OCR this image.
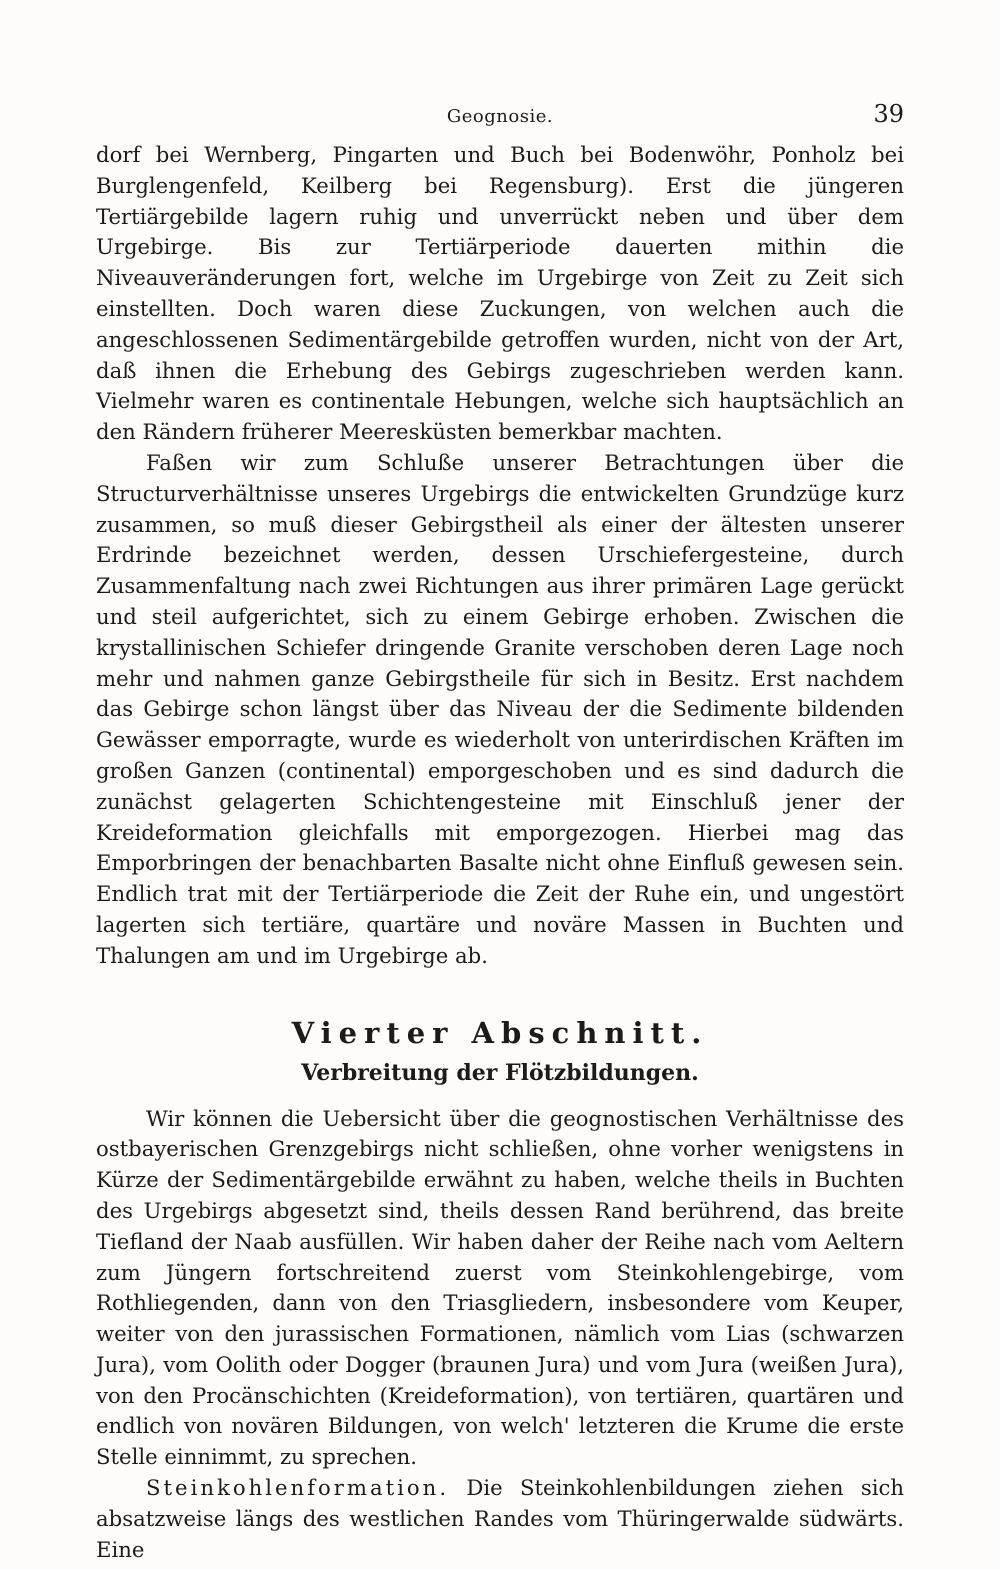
Geognosie.	39

dorf bei Wernberg, Pingarten und Buch bei Bodenwöhr, Ponholz bei Burglengenfeld, Keilberg bei Regensburg). Erst die jüngeren Tertiärgebilde lagern ruhig und unverrückt neben und über dem Urgebirge. Bis zur Tertiärperiode dauerten mithin die Niveauveränderungen fort, welche im Urgebirge von Zeit zu Zeit sich einstellten. Doch waren diese Zuckungen, von welchen auch die angeschlossenen Sedimentärgebilde getroffen wurden, nicht von der Art, daß ihnen die Erhebung des Gebirgs zugeschrieben werden kann. Vielmehr waren es continentale Hebungen, welche sich hauptsächlich an den Rändern früherer Meeresküsten bemerkbar machten.

Faßen wir zum Schluße unserer Betrachtungen über die Structurverhältnisse unseres Urgebirgs die entwickelten Grundzüge kurz zusammen, so muß dieser Gebirgstheil als einer der ältesten unserer Erdrinde bezeichnet werden, dessen Urschiefergesteine, durch Zusammenfaltung nach zwei Richtungen aus ihrer primären Lage gerückt und steil aufgerichtet, sich zu einem Gebirge erhoben. Zwischen die krystallinischen Schiefer dringende Granite verschoben deren Lage noch mehr und nahmen ganze Gebirgstheile für sich in Besitz. Erst nachdem das Gebirge schon längst über das Niveau der die Sedimente bildenden Gewässer emporragte, wurde es wiederholt von unterirdischen Kräften im großen Ganzen (continental) emporgeschoben und es sind dadurch die zunächst gelagerten Schichtengesteine mit Einschluß jener der Kreideformation gleichfalls mit emporgezogen. Hierbei mag das Emporbringen der benachbarten Basalte nicht ohne Einfluß gewesen sein. Endlich trat mit der Tertiärperiode die Zeit der Ruhe ein, und ungestört lagerten sich tertiäre, quartäre und noväre Massen in Buchten und Thalungen am und im Urgebirge ab.

Vierter Abschnitt.
Verbreitung der Flötzbildungen.

Wir können die Uebersicht über die geognostischen Verhältnisse des ostbayerischen Grenzgebirgs nicht schließen, ohne vorher wenigstens in Kürze der Sedimentärgebilde erwähnt zu haben, welche theils in Buchten des Urgebirgs abgesetzt sind, theils dessen Rand berührend, das breite Tiefland der Naab ausfüllen. Wir haben daher der Reihe nach vom Aeltern zum Jüngern fortschreitend zuerst vom Steinkohlengebirge, vom Rothliegenden, dann von den Triasgliedern, insbesondere vom Keuper, weiter von den jurassischen Formationen, nämlich vom Lias (schwarzen Jura), vom Oolith oder Dogger (braunen Jura) und vom Jura (weißen Jura), von den Procänschichten (Kreideformation), von tertiären, quartären und endlich von novären Bildungen, von welch' letzteren die Krume die erste Stelle einnimmt, zu sprechen.

Steinkohlenformation. Die Steinkohlenbildungen ziehen sich absatzweise längs des westlichen Randes vom Thüringerwalde südwärts. Eine
